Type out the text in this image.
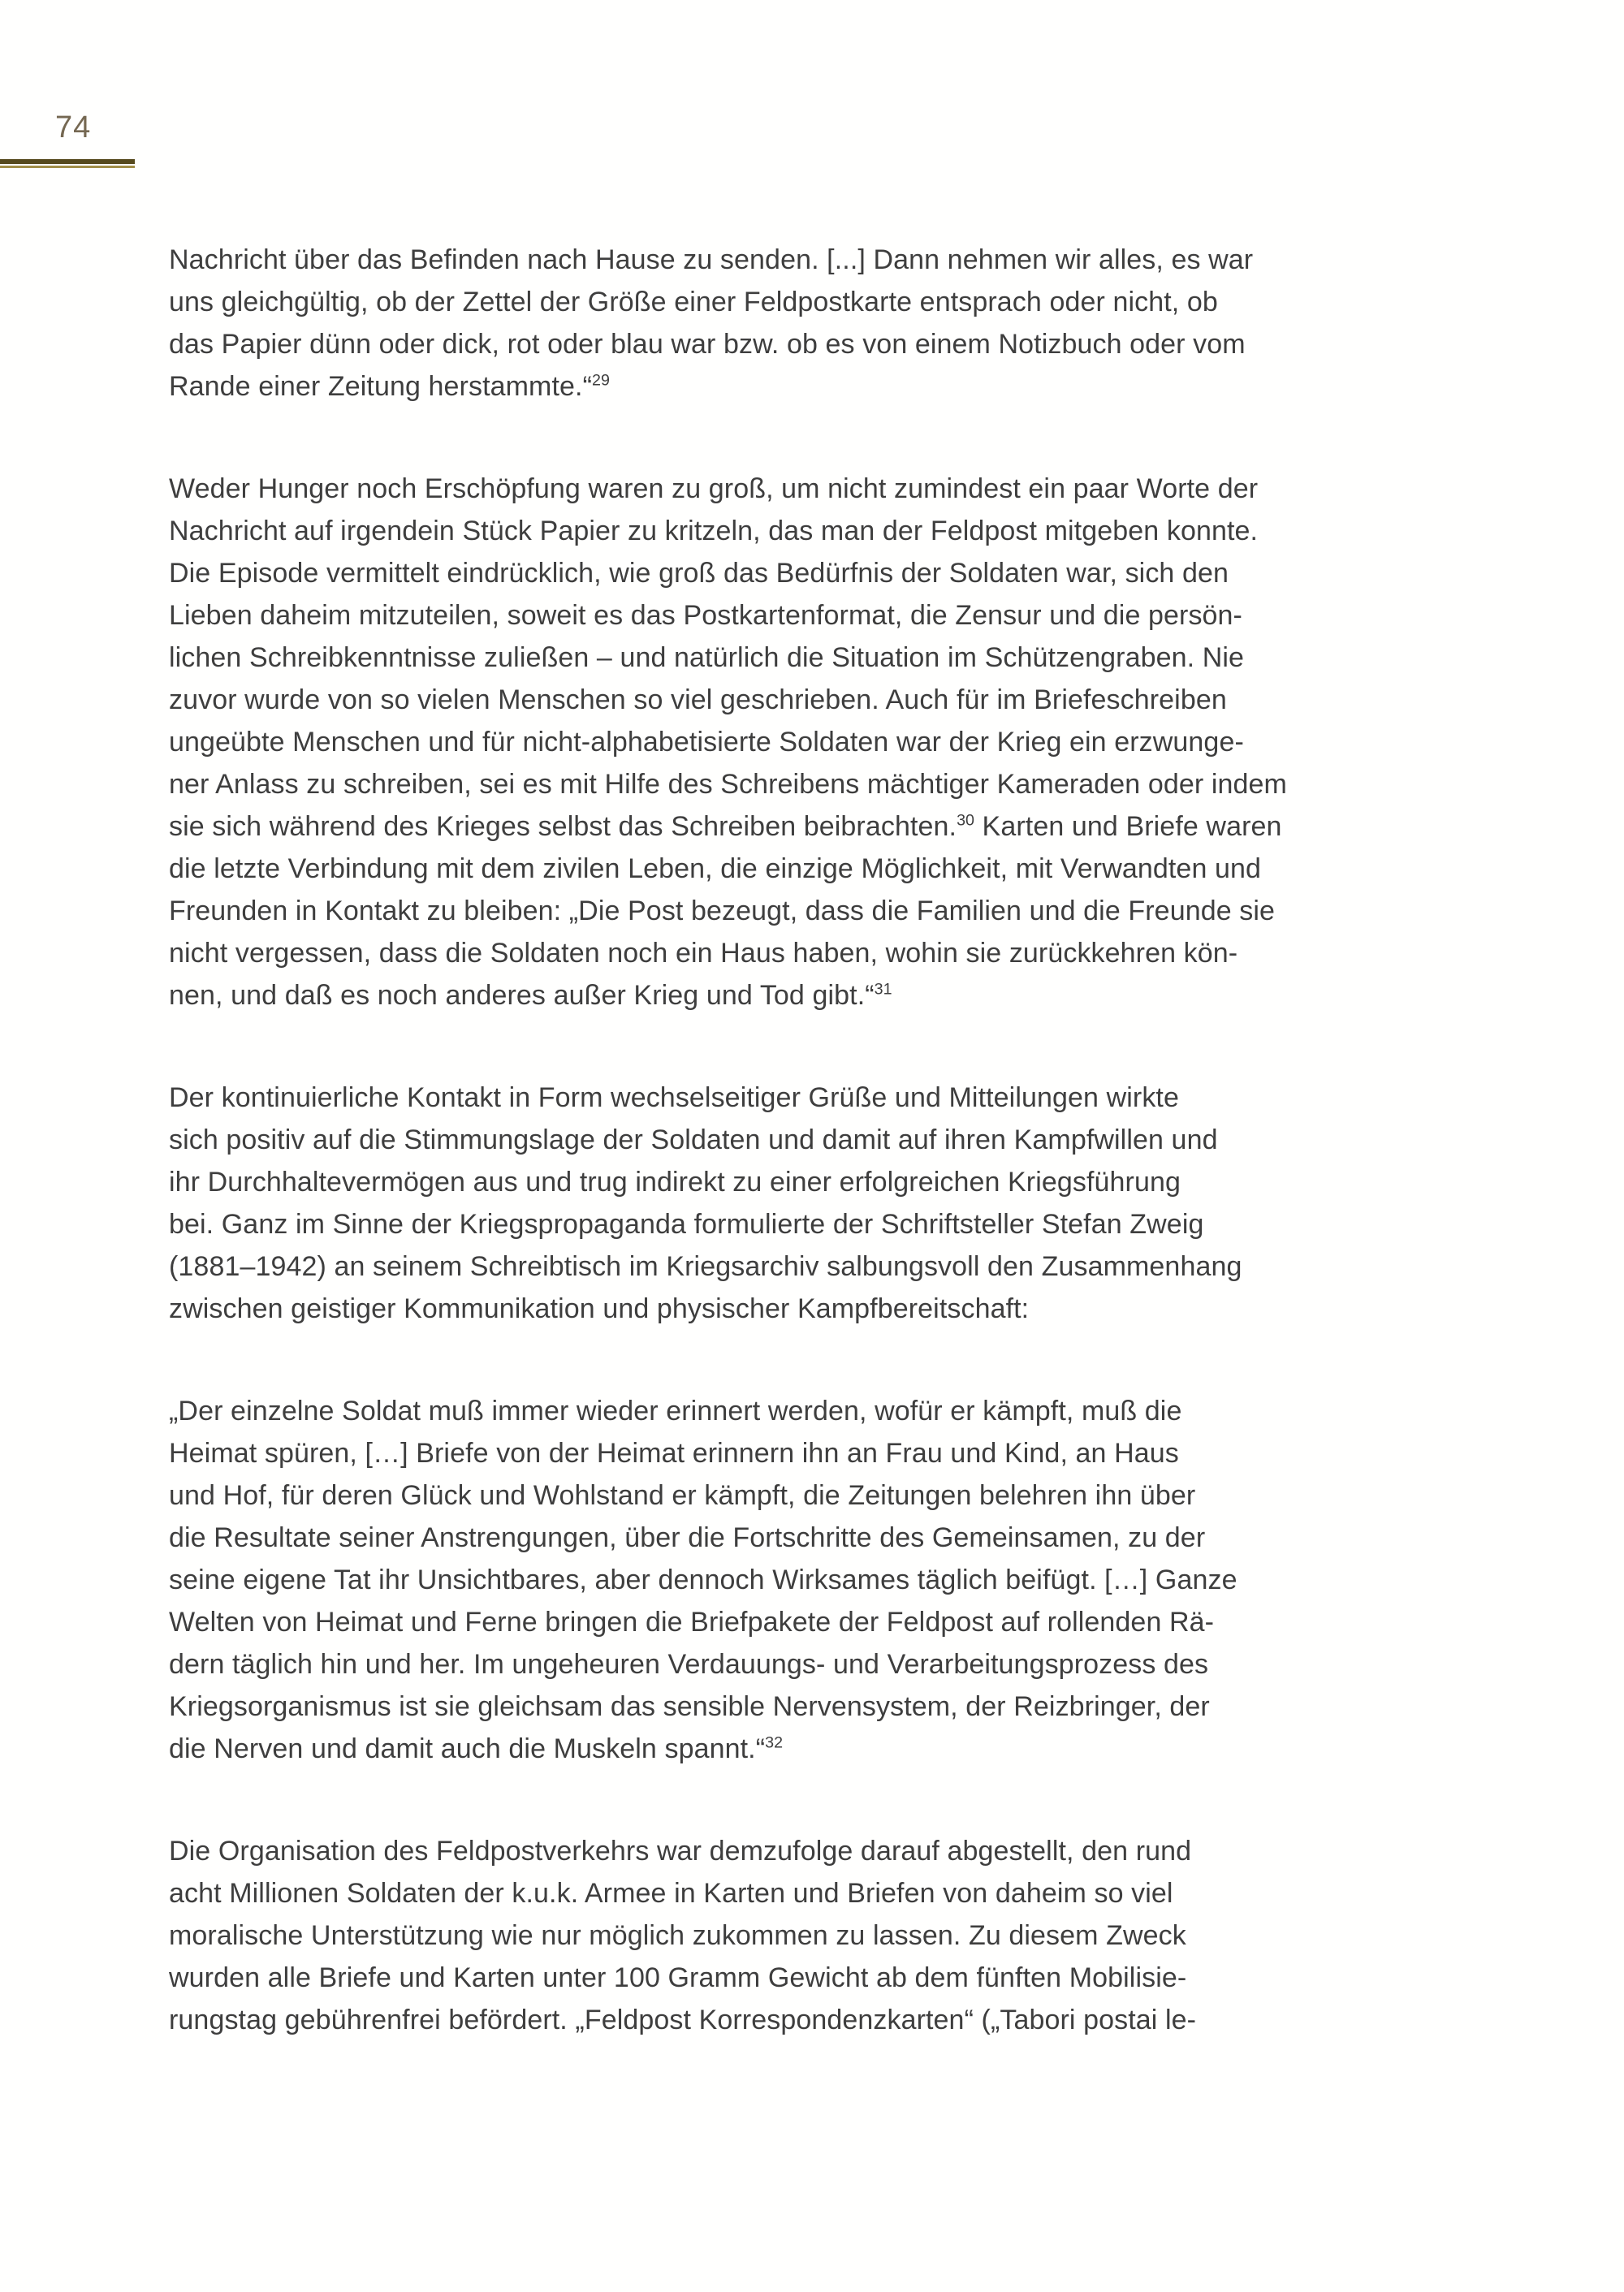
74
Nachricht über das Befinden nach Hause zu senden. [...] Dann nehmen wir alles, es war
uns gleichgültig, ob der Zettel der Größe einer Feldpostkarte entsprach oder nicht, ob
das Papier dünn oder dick, rot oder blau war bzw. ob es von einem Notizbuch oder vom
Rande einer Zeitung herstammte.“$^{29}$
Weder Hunger noch Erschöpfung waren zu groß, um nicht zumindest ein paar Worte der
Nachricht auf irgendein Stück Papier zu kritzeln, das man der Feldpost mitgeben konnte.
Die Episode vermittelt eindrücklich, wie groß das Bedürfnis der Soldaten war, sich den
Lieben daheim mitzuteilen, soweit es das Postkartenformat, die Zensur und die persön-
lichen Schreibkenntnisse zuließen – und natürlich die Situation im Schützengraben. Nie
zuvor wurde von so vielen Menschen so viel geschrieben. Auch für im Briefeschreiben
ungeübte Menschen und für nicht-alphabetisierte Soldaten war der Krieg ein erzwunge-
ner Anlass zu schreiben, sei es mit Hilfe des Schreibens mächtiger Kameraden oder indem
sie sich während des Krieges selbst das Schreiben beibrachten.$^{30}$ Karten und Briefe waren
die letzte Verbindung mit dem zivilen Leben, die einzige Möglichkeit, mit Verwandten und
Freunden in Kontakt zu bleiben: „Die Post bezeugt, dass die Familien und die Freunde sie
nicht vergessen, dass die Soldaten noch ein Haus haben, wohin sie zurückkehren kön-
nen, und daß es noch anderes außer Krieg und Tod gibt.“$^{31}$
Der kontinuierliche Kontakt in Form wechselseitiger Grüße und Mitteilungen wirkte
sich positiv auf die Stimmungslage der Soldaten und damit auf ihren Kampfwillen und
ihr Durchhaltevermögen aus und trug indirekt zu einer erfolgreichen Kriegsführung
bei. Ganz im Sinne der Kriegspropaganda formulierte der Schriftsteller Stefan Zweig
(1881–1942) an seinem Schreibtisch im Kriegsarchiv salbungsvoll den Zusammenhang
zwischen geistiger Kommunikation und physischer Kampfbereitschaft:
„Der einzelne Soldat muß immer wieder erinnert werden, wofür er kämpft, muß die
Heimat spüren, […] Briefe von der Heimat erinnern ihn an Frau und Kind, an Haus
und Hof, für deren Glück und Wohlstand er kämpft, die Zeitungen belehren ihn über
die Resultate seiner Anstrengungen, über die Fortschritte des Gemeinsamen, zu der
seine eigene Tat ihr Unsichtbares, aber dennoch Wirksames täglich beifügt. […] Ganze
Welten von Heimat und Ferne bringen die Briefpakete der Feldpost auf rollenden Rä-
dern täglich hin und her. Im ungeheuren Verdauungs- und Verarbeitungsprozess des
Kriegsorganismus ist sie gleichsam das sensible Nervensystem, der Reizbringer, der
die Nerven und damit auch die Muskeln spannt.“$^{32}$
Die Organisation des Feldpostverkehrs war demzufolge darauf abgestellt, den rund
acht Millionen Soldaten der k.u.k. Armee in Karten und Briefen von daheim so viel
moralische Unterstützung wie nur möglich zukommen zu lassen. Zu diesem Zweck
wurden alle Briefe und Karten unter 100 Gramm Gewicht ab dem fünften Mobilisie-
rungstag gebührenfrei befördert. „Feldpost Korrespondenzkarten“ („Tabori postai le-
